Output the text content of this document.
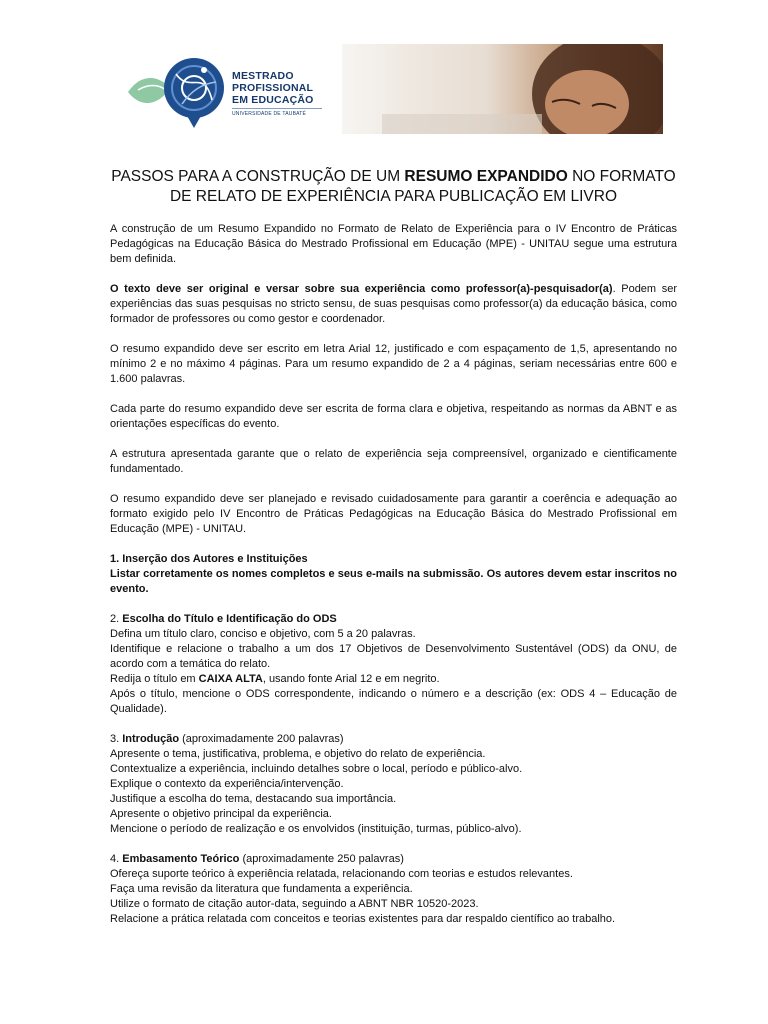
MESTRADO
PROFISSIONAL
EM EDUCAÇÃO
UNIVERSIDADE DE TAUBATÉ
PASSOS PARA A CONSTRUÇÃO DE UM RESUMO EXPANDIDO NO FORMATO
DE RELATO DE EXPERIÊNCIA PARA PUBLICAÇÃO EM LIVRO

A construção de um Resumo Expandido no Formato de Relato de Experiência para o IV Encontro de Práticas Pedagógicas na Educação Básica do Mestrado Profissional em Educação (MPE) - UNITAU segue uma estrutura bem definida.

O texto deve ser original e versar sobre sua experiência como professor(a)-pesquisador(a). Podem ser experiências das suas pesquisas no stricto sensu, de suas pesquisas como professor(a) da educação básica, como formador de professores ou como gestor e coordenador.

O resumo expandido deve ser escrito em letra Arial 12, justificado e com espaçamento de 1,5, apresentando no mínimo 2 e no máximo 4 páginas. Para um resumo expandido de 2 a 4 páginas, seriam necessárias entre 600 e 1.600 palavras.

Cada parte do resumo expandido deve ser escrita de forma clara e objetiva, respeitando as normas da ABNT e as orientações específicas do evento.

A estrutura apresentada garante que o relato de experiência seja compreensível, organizado e cientificamente fundamentado.

O resumo expandido deve ser planejado e revisado cuidadosamente para garantir a coerência e adequação ao formato exigido pelo IV Encontro de Práticas Pedagógicas na Educação Básica do Mestrado Profissional em Educação (MPE) - UNITAU.

1. Inserção dos Autores e Instituições

Listar corretamente os nomes completos e seus e-mails na submissão. Os autores devem estar inscritos no evento.

2. Escolha do Título e Identificação do ODS

Defina um título claro, conciso e objetivo, com 5 a 20 palavras.

Identifique e relacione o trabalho a um dos 17 Objetivos de Desenvolvimento Sustentável (ODS) da ONU, de acordo com a temática do relato.

Redija o título em CAIXA ALTA, usando fonte Arial 12 e em negrito.

Após o título, mencione o ODS correspondente, indicando o número e a descrição (ex: ODS 4 – Educação de Qualidade).

3. Introdução (aproximadamente 200 palavras)

Apresente o tema, justificativa, problema, e objetivo do relato de experiência.

Contextualize a experiência, incluindo detalhes sobre o local, período e público-alvo.

Explique o contexto da experiência/intervenção.

Justifique a escolha do tema, destacando sua importância.

Apresente o objetivo principal da experiência.

Mencione o período de realização e os envolvidos (instituição, turmas, público-alvo).

4. Embasamento Teórico (aproximadamente 250 palavras)

Ofereça suporte teórico à experiência relatada, relacionando com teorias e estudos relevantes.

Faça uma revisão da literatura que fundamenta a experiência.

Utilize o formato de citação autor-data, seguindo a ABNT NBR 10520-2023.

Relacione a prática relatada com conceitos e teorias existentes para dar respaldo científico ao trabalho.
